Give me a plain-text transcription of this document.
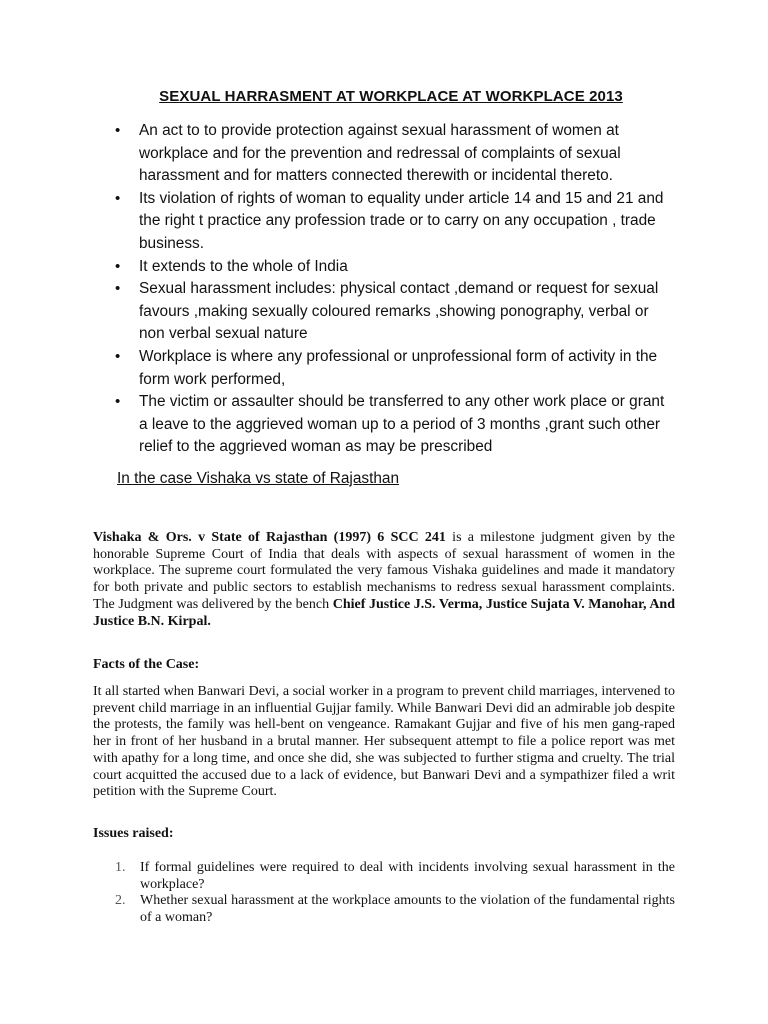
SEXUAL HARRASMENT AT WORKPLACE AT WORKPLACE 2013
• An act to to provide protection against sexual harassment of women at workplace and for the prevention and redressal of complaints of sexual harassment and for matters connected therewith or incidental thereto.
• Its violation of rights of woman to equality under article 14 and 15 and 21 and the right t practice any profession trade or to carry on any occupation , trade business.
• It extends to the whole of India
• Sexual harassment includes: physical contact ,demand or request for sexual favours ,making sexually coloured remarks ,showing ponography, verbal or non verbal sexual nature
• Workplace is where any professional or unprofessional form of activity in the form work performed,
• The victim or assaulter should be transferred to any other work place or grant a leave to the aggrieved woman up to a period of 3 months ,grant such other relief to the aggrieved woman as may be prescribed
In the case Vishaka vs state of Rajasthan

Vishaka & Ors. v State of Rajasthan (1997) 6 SCC 241 is a milestone judgment given by the honorable Supreme Court of India that deals with aspects of sexual harassment of women in the workplace. The supreme court formulated the very famous Vishaka guidelines and made it mandatory for both private and public sectors to establish mechanisms to redress sexual harassment complaints. The Judgment was delivered by the bench Chief Justice J.S. Verma, Justice Sujata V. Manohar, And Justice B.N. Kirpal.

Facts of the Case:

It all started when Banwari Devi, a social worker in a program to prevent child marriages, intervened to prevent child marriage in an influential Gujjar family. While Banwari Devi did an admirable job despite the protests, the family was hell-bent on vengeance. Ramakant Gujjar and five of his men gang-raped her in front of her husband in a brutal manner. Her subsequent attempt to file a police report was met with apathy for a long time, and once she did, she was subjected to further stigma and cruelty. The trial court acquitted the accused due to a lack of evidence, but Banwari Devi and a sympathizer filed a writ petition with the Supreme Court.

Issues raised:

1. If formal guidelines were required to deal with incidents involving sexual harassment in the workplace?
2. Whether sexual harassment at the workplace amounts to the violation of the fundamental rights of a woman?
